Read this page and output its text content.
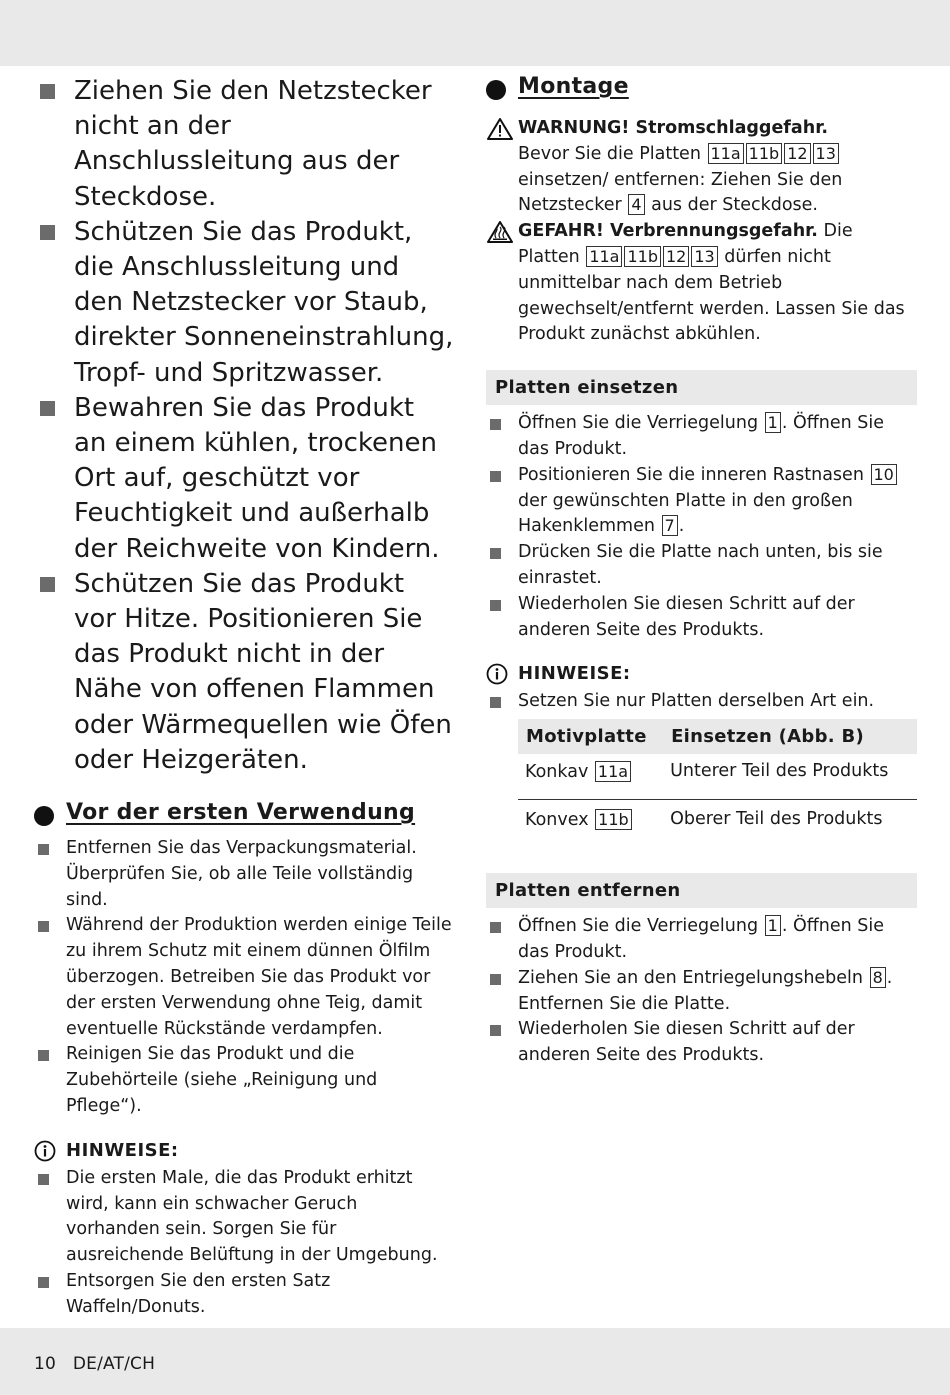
Ziehen Sie den Netzstecker nicht an der Anschlussleitung aus der Steckdose.
Schützen Sie das Produkt, die Anschlussleitung und den Netzstecker vor Staub, direkter Sonneneinstrahlung, Tropf- und Spritzwasser.
Bewahren Sie das Produkt an einem kühlen, trockenen Ort auf, geschützt vor Feuchtigkeit und außerhalb der Reichweite von Kindern.
Schützen Sie das Produkt vor Hitze. Positionieren Sie das Produkt nicht in der Nähe von offenen Flammen oder Wärmequellen wie Öfen oder Heizgeräten.
Vor der ersten Verwendung
Entfernen Sie das Verpackungsmaterial. Überprüfen Sie, ob alle Teile vollständig sind.
Während der Produktion werden einige Teile zu ihrem Schutz mit einem dünnen Ölfilm überzogen. Betreiben Sie das Produkt vor der ersten Verwendung ohne Teig, damit eventuelle Rückstände verdampfen.
Reinigen Sie das Produkt und die Zubehörteile (siehe „Reinigung und Pflege“).
HINWEISE:
Die ersten Male, die das Produkt erhitzt wird, kann ein schwacher Geruch vorhanden sein. Sorgen Sie für ausreichende Belüftung in der Umgebung.
Entsorgen Sie den ersten Satz Waffeln/Donuts.
Montage
WARNUNG! Stromschlaggefahr.
Bevor Sie die Platten 11a 11b 12 13 einsetzen/ entfernen: Ziehen Sie den Netzstecker 4 aus der Steckdose.
GEFAHR! Verbrennungsgefahr. Die Platten 11a 11b 12 13 dürfen nicht unmittelbar nach dem Betrieb gewechselt/entfernt werden. Lassen Sie das Produkt zunächst abkühlen.
Platten einsetzen
Öffnen Sie die Verriegelung 1 . Öffnen Sie das Produkt.
Positionieren Sie die inneren Rastnasen 10 der gewünschten Platte in den großen Hakenklemmen 7 .
Drücken Sie die Platte nach unten, bis sie einrastet.
Wiederholen Sie diesen Schritt auf der anderen Seite des Produkts.
HINWEISE:
Setzen Sie nur Platten derselben Art ein.
Motivplatte	Einsetzen (Abb. B)
Konkav 11a	Unterer Teil des Produkts
Konvex 11b	Oberer Teil des Produkts
Platten entfernen
Öffnen Sie die Verriegelung 1 . Öffnen Sie das Produkt.
Ziehen Sie an den Entriegelungshebeln 8 . Entfernen Sie die Platte.
Wiederholen Sie diesen Schritt auf der anderen Seite des Produkts.
10 DE/AT/CH
